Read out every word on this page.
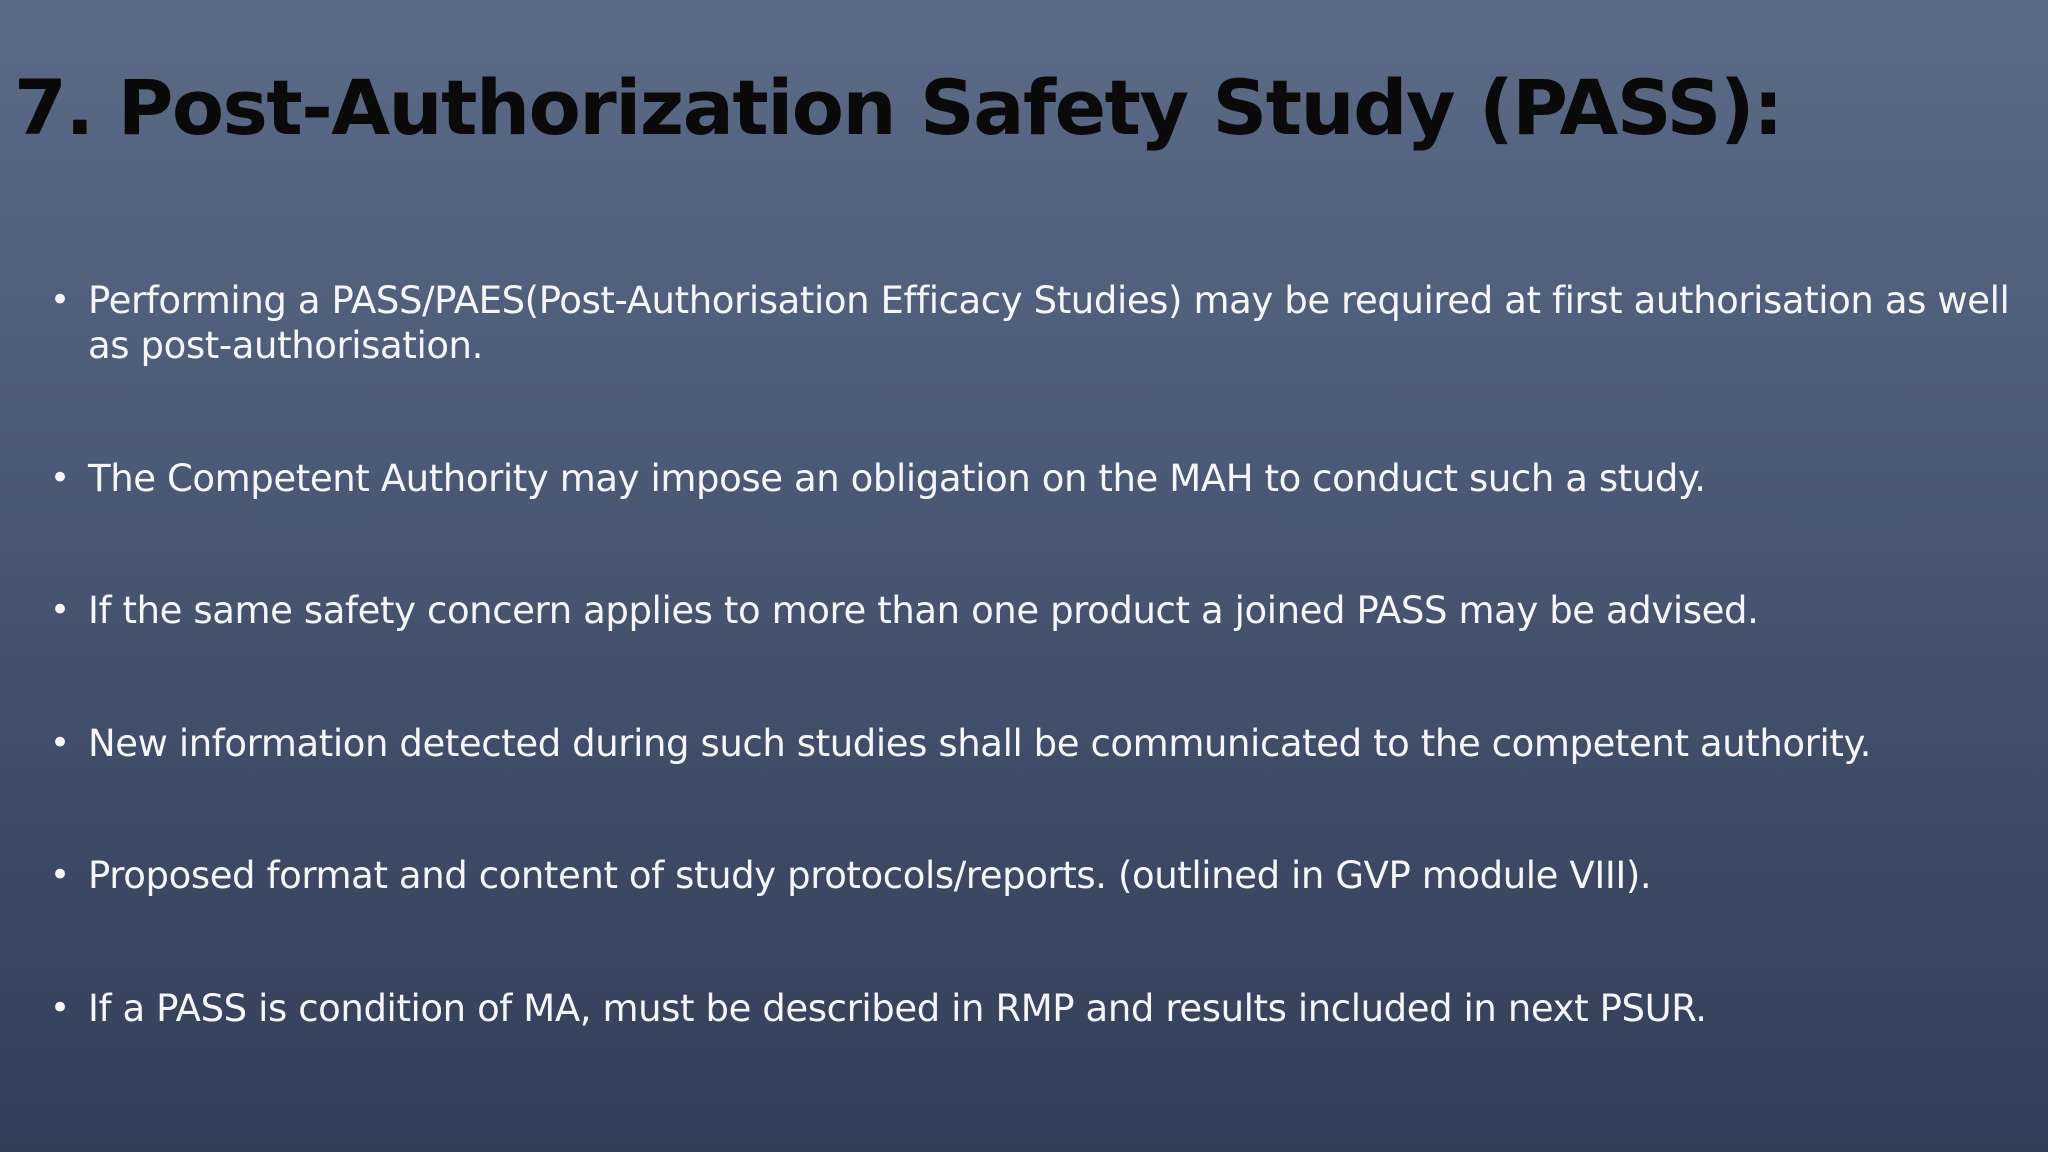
7. Post-Authorization Safety Study (PASS):
• Performing a PASS/PAES(Post-Authorisation Efficacy Studies) may be required at first authorisation as well as post-authorisation.
• The Competent Authority may impose an obligation on the MAH to conduct such a study.
• If the same safety concern applies to more than one product a joined PASS may be advised.
• New information detected during such studies shall be communicated to the competent authority.
• Proposed format and content of study protocols/reports. (outlined in GVP module VIII).
• If a PASS is condition of MA, must be described in RMP and results included in next PSUR.
